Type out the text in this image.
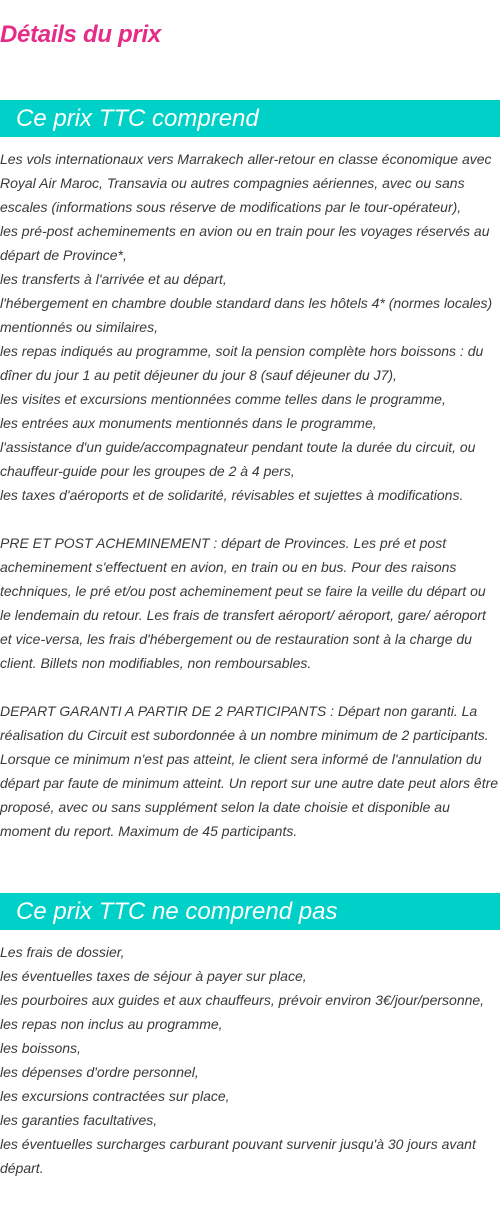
Détails du prix
Ce prix TTC comprend
Les vols internationaux vers Marrakech aller-retour en classe économique avec Royal Air Maroc, Transavia ou autres compagnies aériennes, avec ou sans escales (informations sous réserve de modifications par le tour-opérateur),
les pré-post acheminements en avion ou en train pour les voyages réservés au départ de Province*,
les transferts à l'arrivée et au départ,
l'hébergement en chambre double standard dans les hôtels 4* (normes locales) mentionnés ou similaires,
les repas indiqués au programme, soit la pension complète hors boissons : du dîner du jour 1 au petit déjeuner du jour 8 (sauf déjeuner du J7),
les visites et excursions mentionnées comme telles dans le programme,
les entrées aux monuments mentionnés dans le programme,
l'assistance d'un guide/accompagnateur pendant toute la durée du circuit, ou chauffeur-guide pour les groupes de 2 à 4 pers,
les taxes d'aéroports et de solidarité, révisables et sujettes à modifications.

PRE ET POST ACHEMINEMENT : départ de Provinces. Les pré et post acheminement s'effectuent en avion, en train ou en bus. Pour des raisons techniques, le pré et/ou post acheminement peut se faire la veille du départ ou le lendemain du retour. Les frais de transfert aéroport/ aéroport, gare/ aéroport et vice-versa, les frais d'hébergement ou de restauration sont à la charge du client. Billets non modifiables, non remboursables.

DEPART GARANTI A PARTIR DE 2 PARTICIPANTS : Départ non garanti. La réalisation du Circuit est subordonnée à un nombre minimum de 2 participants. Lorsque ce minimum n'est pas atteint, le client sera informé de l'annulation du départ par faute de minimum atteint. Un report sur une autre date peut alors être proposé, avec ou sans supplément selon la date choisie et disponible au moment du report. Maximum de 45 participants.

Ce prix TTC ne comprend pas
Les frais de dossier,
les éventuelles taxes de séjour à payer sur place,
les pourboires aux guides et aux chauffeurs, prévoir environ 3€/jour/personne,
les repas non inclus au programme,
les boissons,
les dépenses d'ordre personnel,
les excursions contractées sur place,
les garanties facultatives,
les éventuelles surcharges carburant pouvant survenir jusqu'à 30 jours avant départ.
